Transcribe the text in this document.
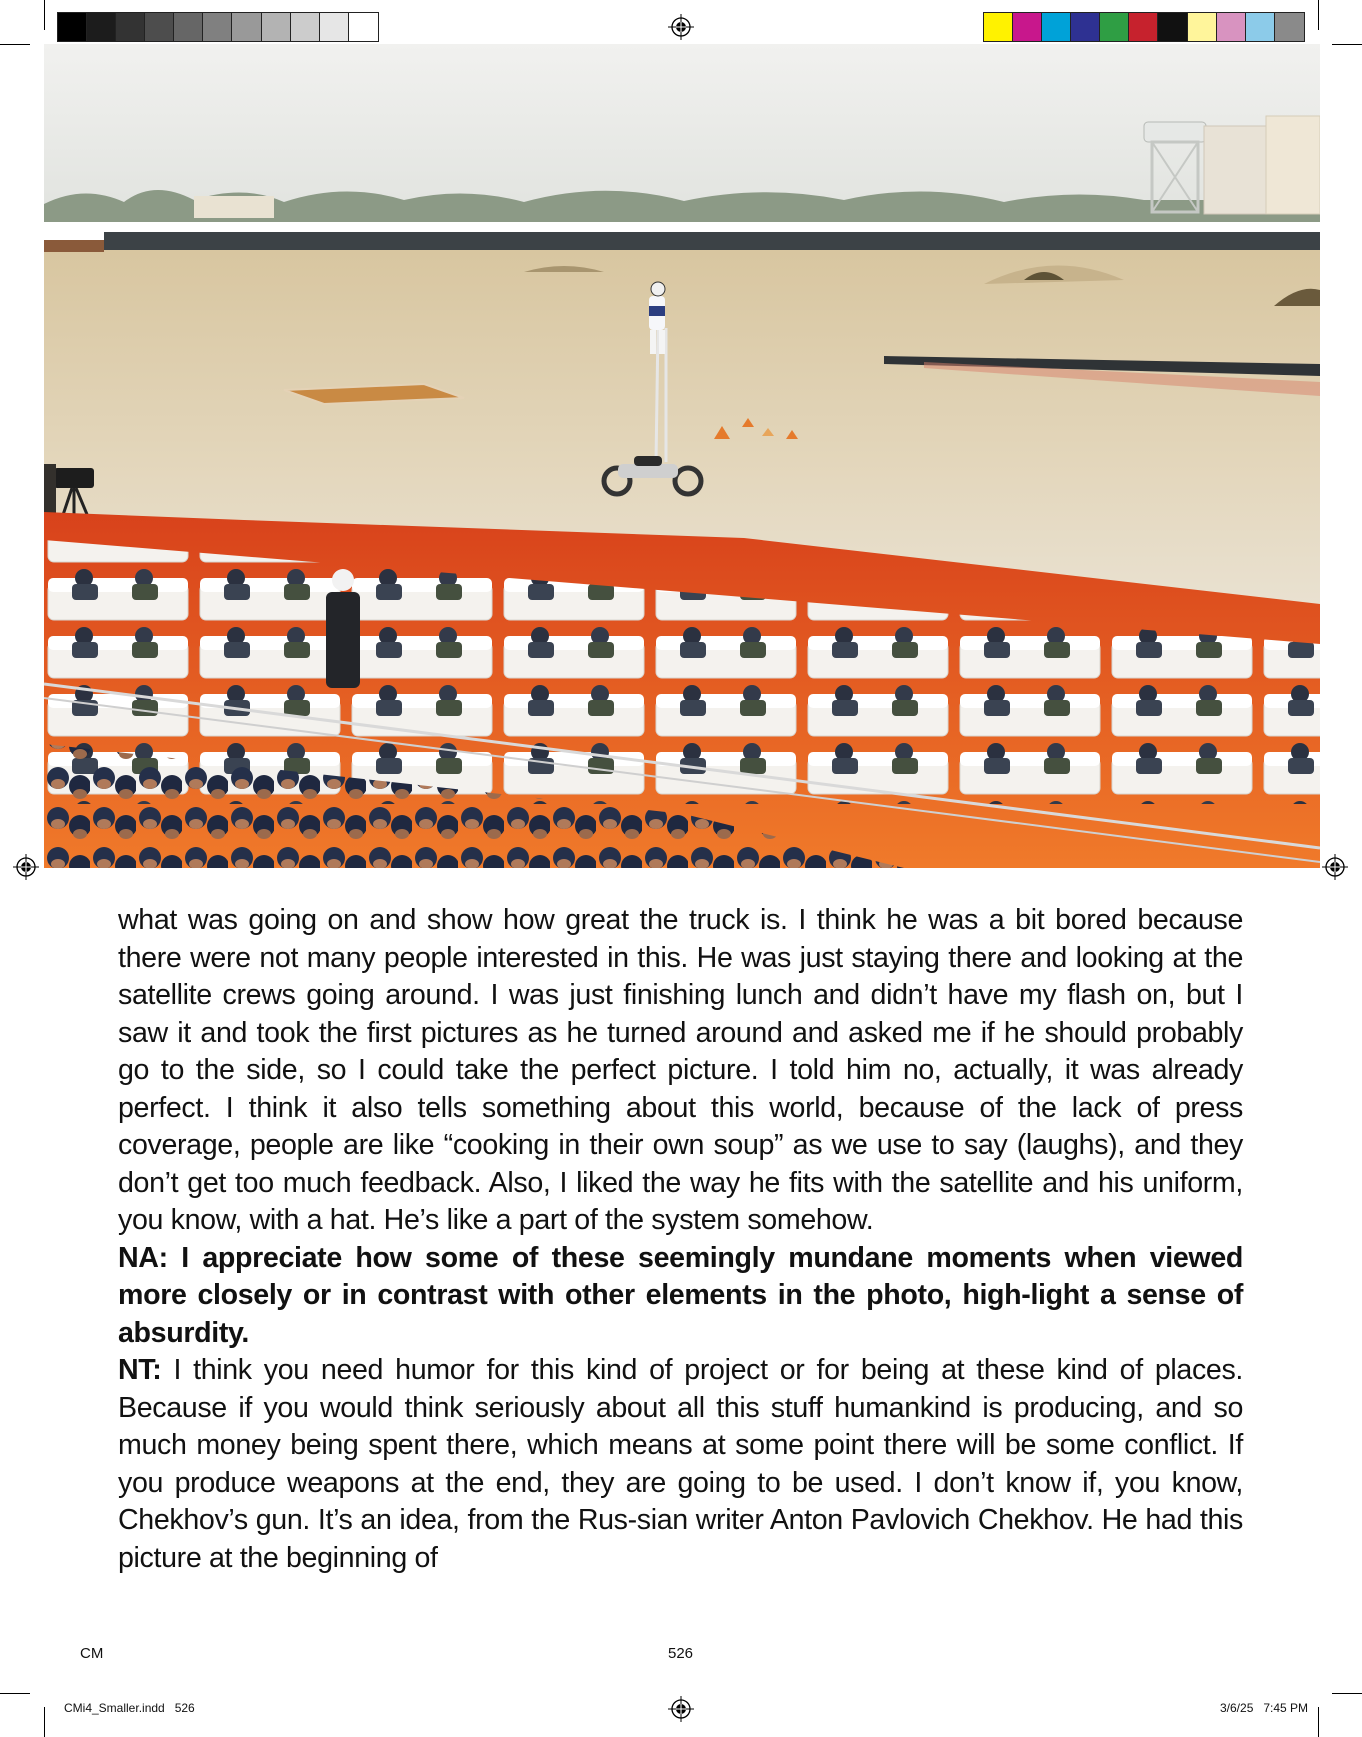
what was going on and show how great the truck is. I think he was a bit bored because there were not many people interested in this. He was just staying there and looking at the satellite crews going around. I was just finishing lunch and didn’t have my flash on, but I saw it and took the first pictures as he turned around and asked me if he should probably go to the side, so I could take the perfect picture. I told him no, actually, it was already perfect. I think it also tells something about this world, because of the lack of press coverage, people are like “cooking in their own soup” as we use to say (laughs), and they don’t get too much feedback. Also, I liked the way he fits with the satellite and his uniform, you know, with a hat. He’s like a part of the system somehow.

NA: I appreciate how some of these seemingly mundane moments when viewed more closely or in contrast with other elements in the photo, high-light a sense of absurdity.

NT: I think you need humor for this kind of project or for being at these kind of places. Because if you would think seriously about all this stuff humankind is producing, and so much money being spent there, which means at some point there will be some conflict. If you produce weapons at the end, they are going to be used. I don’t know if, you know, Chekhov’s gun. It’s an idea, from the Rus-sian writer Anton Pavlovich Chekhov. He had this picture at the beginning of

CM	526
CMi4_Smaller.indd   526	3/6/25   7:45 PM
